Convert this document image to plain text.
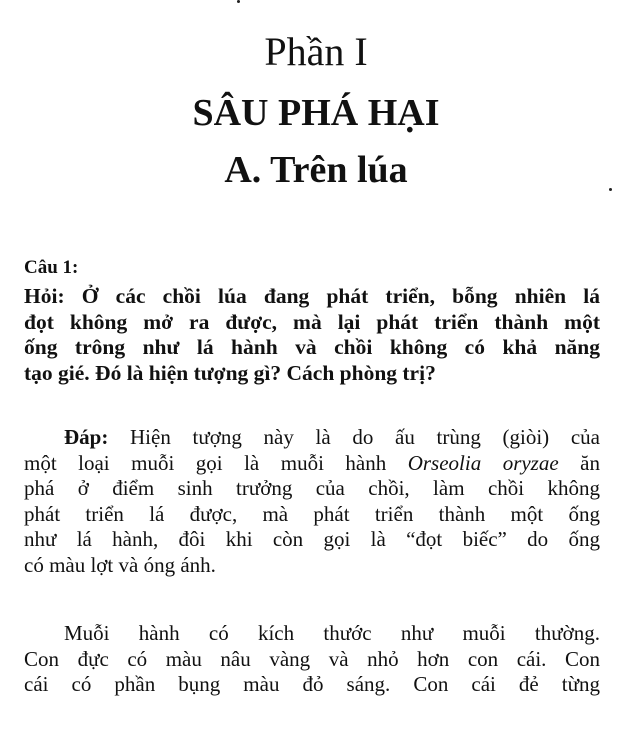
Phần I
SÂU PHÁ HẠI
A. Trên lúa
Câu 1:
Hỏi: Ở các chồi lúa đang phát triển, bỗng nhiên lá
đọt không mở ra được, mà lại phát triển thành một
ống trông như lá hành và chồi không có khả năng
tạo gié. Đó là hiện tượng gì? Cách phòng trị?
Đáp: Hiện tượng này là do ấu trùng (giòi) của
một loại muỗi gọi là muỗi hành Orseolia oryzae ăn
phá ở điểm sinh trưởng của chồi, làm chồi không
phát triển lá được, mà phát triển thành một ống
như lá hành, đôi khi còn gọi là “đọt biếc” do ống
có màu lợt và óng ánh.
Muỗi hành có kích thước như muỗi thường.
Con đực có màu nâu vàng và nhỏ hơn con cái. Con
cái có phần bụng màu đỏ sáng. Con cái đẻ từng
